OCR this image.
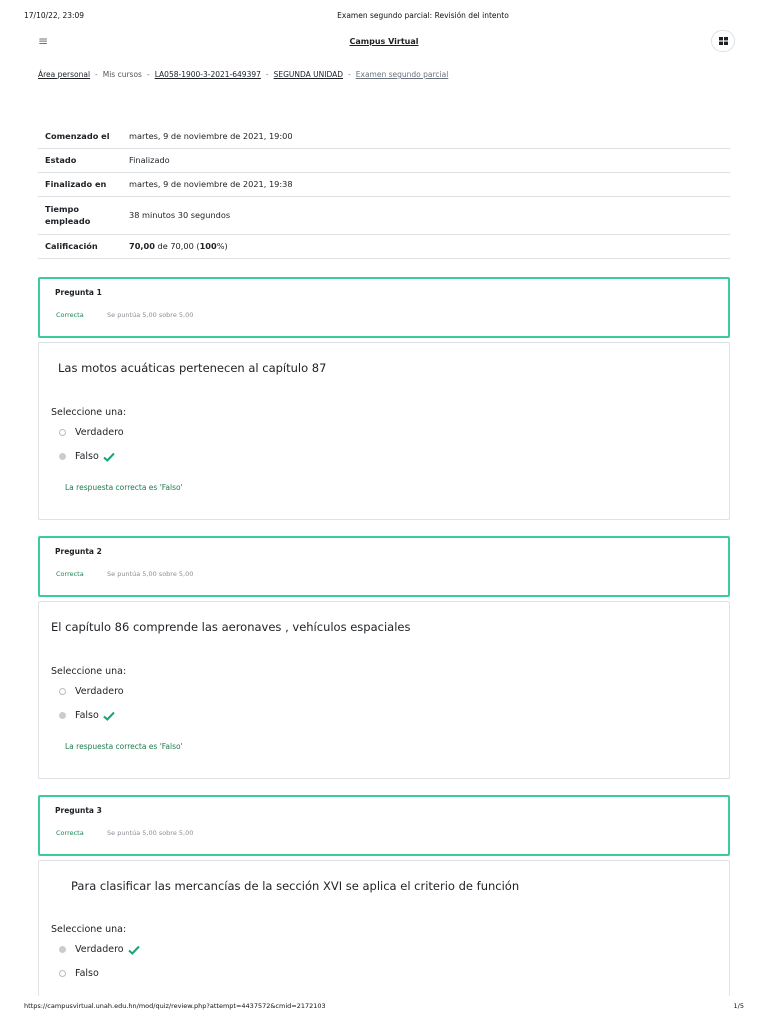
17/10/22, 23:09	Examen segundo parcial: Revisión del intento
≡	Campus Virtual
Área personal - Mis cursos - LA058-1900-3-2021-649397 - SEGUNDA UNIDAD - Examen segundo parcial
Comenzado el	martes, 9 de noviembre de 2021, 19:00
Estado	Finalizado
Finalizado en	martes, 9 de noviembre de 2021, 19:38
Tiempo empleado	38 minutos 30 segundos
Calificación	70,00 de 70,00 (100%)
Pregunta 1
Correcta	Se puntúa 5,00 sobre 5,00
Las motos acuáticas pertenecen al capítulo 87
Seleccione una:
Verdadero
Falso
La respuesta correcta es 'Falso'
Pregunta 2
Correcta	Se puntúa 5,00 sobre 5,00
El capítulo 86 comprende las aeronaves , vehículos espaciales
Seleccione una:
Verdadero
Falso
La respuesta correcta es 'Falso'
Pregunta 3
Correcta	Se puntúa 5,00 sobre 5,00
Para clasificar las mercancías de la sección XVI se aplica el criterio de función
Seleccione una:
Verdadero
Falso
https://campusvirtual.unah.edu.hn/mod/quiz/review.php?attempt=4437572&cmid=2172103	1/5
